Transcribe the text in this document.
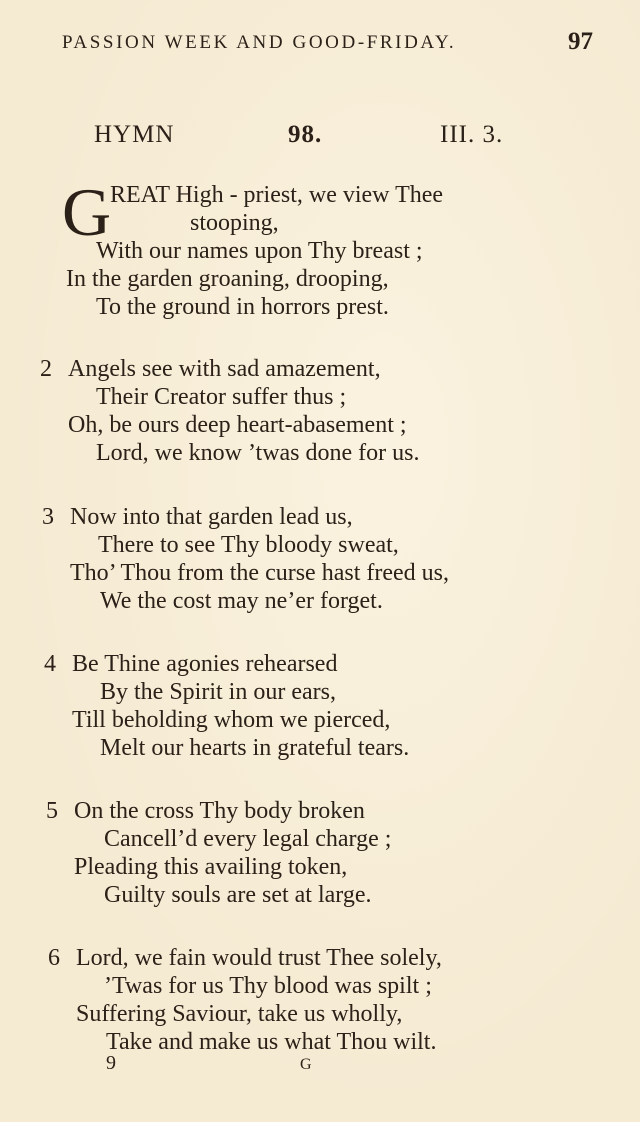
PASSION WEEK AND GOOD-FRIDAY.	97
HYMN	98.	III. 3.
G
REAT High - priest, we view Thee
stooping,
With our names upon Thy breast ;
In the garden groaning, drooping,
To the ground in horrors prest.
2 Angels see with sad amazement,
Their Creator suffer thus ;
Oh, be ours deep heart-abasement ;
Lord, we know ’twas done for us.
3 Now into that garden lead us,
There to see Thy bloody sweat,
Tho’ Thou from the curse hast freed us,
We the cost may ne’er forget.
4 Be Thine agonies rehearsed
By the Spirit in our ears,
Till beholding whom we pierced,
Melt our hearts in grateful tears.
5 On the cross Thy body broken
Cancell’d every legal charge ;
Pleading this availing token,
Guilty souls are set at large.
6 Lord, we fain would trust Thee solely,
’Twas for us Thy blood was spilt ;
Suffering Saviour, take us wholly,
Take and make us what Thou wilt.
9	G
